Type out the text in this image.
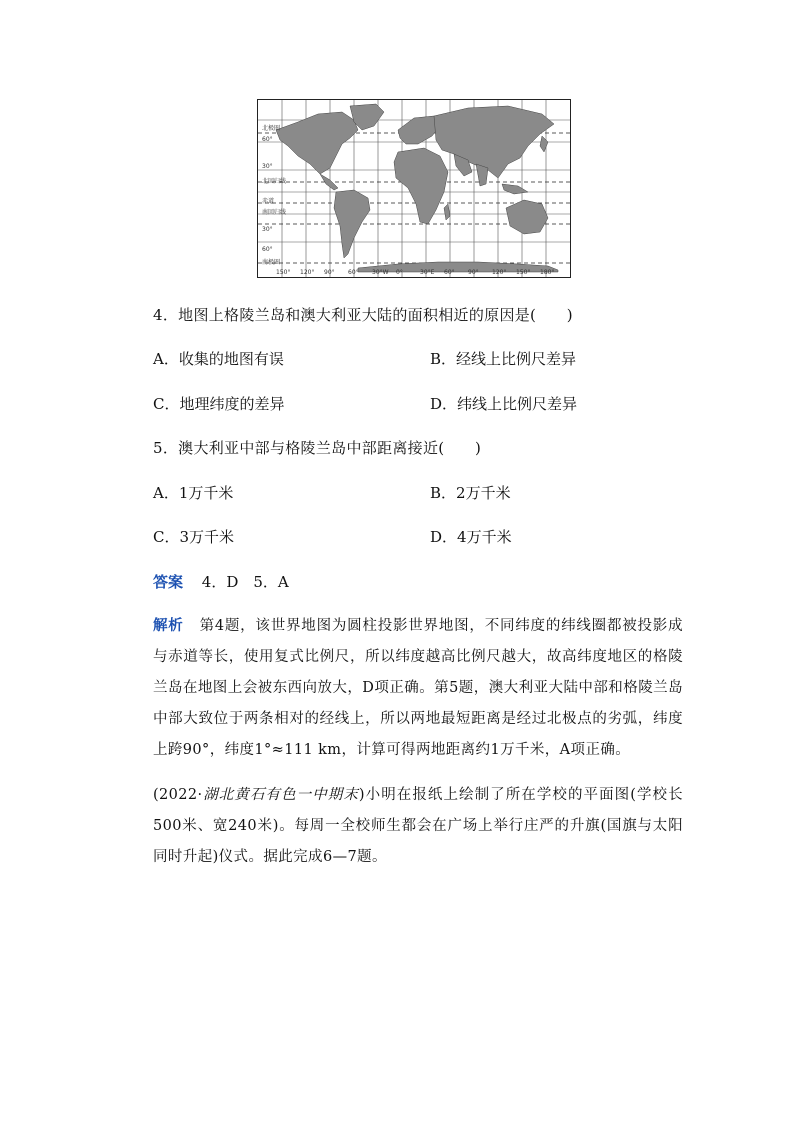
北极圈
60°
30°
北回归线
赤道
南回归线
30°
60°
南极圈
150° 120° 90° 60° 30°W 0°	30°E 60° 90° 120° 150° 180°
4．地图上格陵兰岛和澳大利亚大陆的面积相近的原因是(　　)
A．收集的地图有误	B．经线上比例尺差异
C．地理纬度的差异	D．纬线上比例尺差异
5．澳大利亚中部与格陵兰岛中部距离接近(　　)
A．1万千米	B．2万千米
C．3万千米	D．4万千米
答案 4．D　5．A
解析 第4题，该世界地图为圆柱投影世界地图，不同纬度的纬线圈都被投影成与赤道等长，使用复式比例尺，所以纬度越高比例尺越大，故高纬度地区的格陵兰岛在地图上会被东西向放大，D项正确。第5题，澳大利亚大陆中部和格陵兰岛中部大致位于两条相对的经线上，所以两地最短距离是经过北极点的劣弧，纬度上跨90°，纬度1°≈111 km，计算可得两地距离约1万千米，A项正确。
(2022·湖北黄石有色一中期末)小明在报纸上绘制了所在学校的平面图(学校长500米、宽240米)。每周一全校师生都会在广场上举行庄严的升旗(国旗与太阳同时升起)仪式。据此完成6—7题。
